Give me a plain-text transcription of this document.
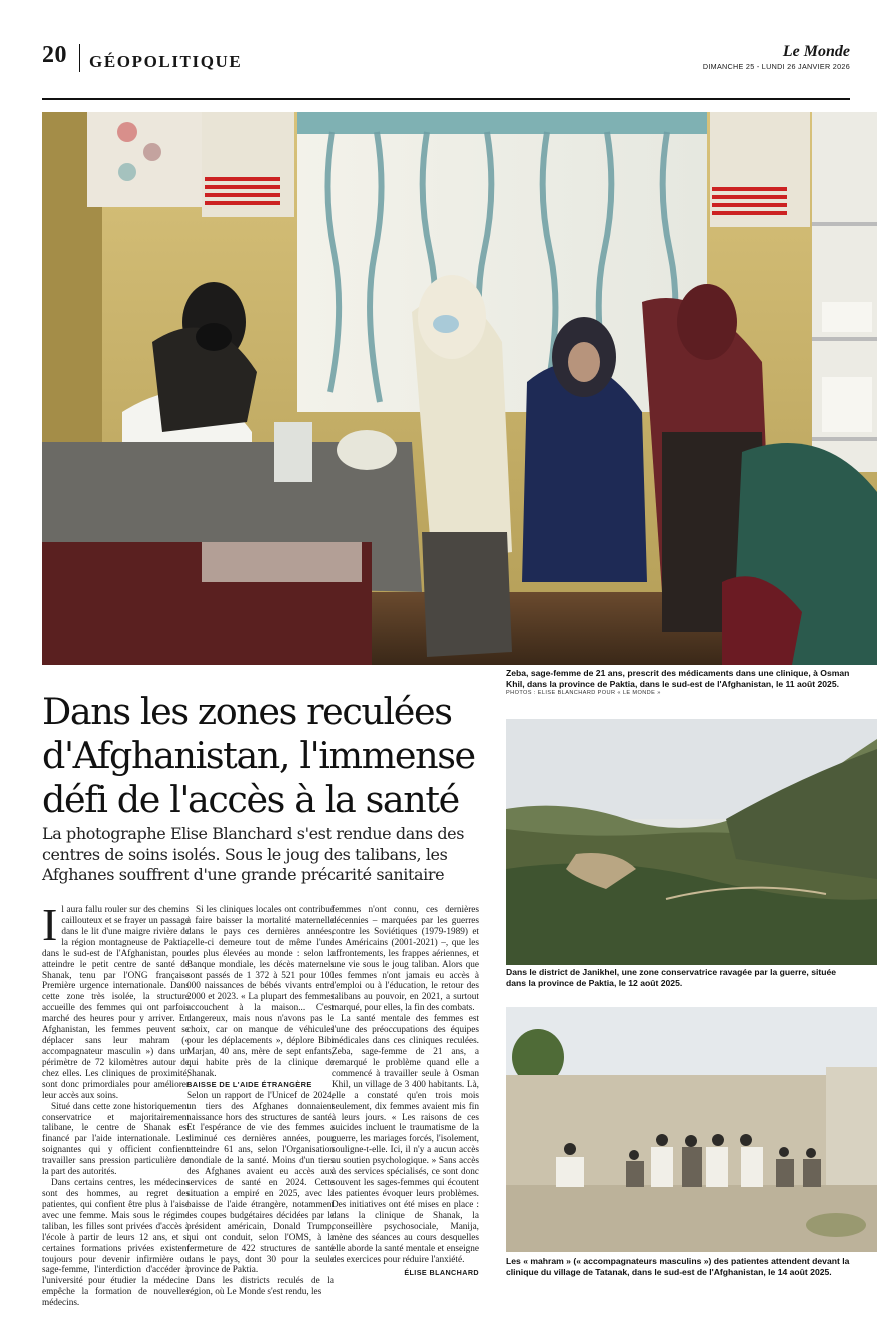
20 GÉOPOLITIQUE
Le Monde
DIMANCHE 25 - LUNDI 26 JANVIER 2026
Zeba, sage-femme de 21 ans, prescrit des médicaments dans une clinique, à Osman Khil, dans la province de Paktia, dans le sud-est de l'Afghanistan, le 11 août 2025.
PHOTOS : ELISE BLANCHARD POUR « LE MONDE »
Dans le district de Janikhel, une zone conservatrice ravagée par la guerre, située dans la province de Paktia, le 12 août 2025.
Les « mahram » (« accompagnateurs masculins ») des patientes attendent devant la clinique du village de Tatanak, dans le sud-est de l'Afghanistan, le 14 août 2025.
Dans les zones reculées d'Afghanistan, l'immense défi de l'accès à la santé

La photographe Elise Blanchard s'est rendue dans des centres de soins isolés. Sous le joug des talibans, les Afghanes souffrent d'une grande précarité sanitaire

Il aura fallu rouler sur des chemins caillouteux et se frayer un passage dans le lit d'une maigre rivière de la région montagneuse de Paktia, dans le sud-est de l'Afghanistan, pour atteindre le petit centre de santé de Shanak, tenu par l'ONG française Première urgence internationale. Dans cette zone très isolée, la structure accueille des femmes qui ont parfois marché des heures pour y arriver. En Afghanistan, les femmes peuvent se déplacer sans leur mahram (« accompagnateur masculin ») dans un périmètre de 72 kilomètres autour de chez elles. Les cliniques de proximité, sont donc primordiales pour améliorer leur accès aux soins.

Situé dans cette zone historiquement conservatrice et majoritairement talibane, le centre de Shanak est financé par l'aide internationale. Les soignantes qui y officient confient travailler sans pression particulière de la part des autorités.

Dans certains centres, les médecins sont des hommes, au regret des patientes, qui confient être plus à l'aise avec une femme. Mais sous le régime taliban, les filles sont privées d'accès à l'école à partir de leurs 12 ans, et si certaines formations privées existent toujours pour devenir infirmière ou sage-femme, l'interdiction d'accéder à l'université pour étudier la médecine empêche la formation de nouvelles médecins.

Si les cliniques locales ont contribué à faire baisser la mortalité maternelle dans le pays ces dernières années, celle-ci demeure tout de même l'une des plus élevées au monde : selon la Banque mondiale, les décès maternels sont passés de 1 372 à 521 pour 100 000 naissances de bébés vivants entre 2000 et 2023. « La plupart des femmes accouchent à la maison... C'est dangereux, mais nous n'avons pas le choix, car on manque de véhicules pour les déplacements », déplore Bibi Marjan, 40 ans, mère de sept enfants, qui habite près de la clinique de Shanak.

BAISSE DE L'AIDE ÉTRANGÈRE

Selon un rapport de l'Unicef de 2024, un tiers des Afghanes donnaient naissance hors des structures de santé. Et l'espérance de vie des femmes a diminué ces dernières années, pour atteindre 61 ans, selon l'Organisation mondiale de la santé. Moins d'un tiers des Afghanes avaient eu accès aux services de santé en 2024. Cette situation a empiré en 2025, avec la baisse de l'aide étrangère, notamment les coupes budgétaires décidées par le président américain, Donald Trump, qui ont conduit, selon l'OMS, à la fermeture de 422 structures de santé dans le pays, dont 30 pour la seule province de Paktia.

Dans les districts reculés de la région, où Le Monde s'est rendu, les

femmes n'ont connu, ces dernières décennies – marquées par les guerres contre les Soviétiques (1979-1989) et les Américains (2001-2021) –, que les affrontements, les frappes aériennes, et une vie sous le joug taliban. Alors que les femmes n'ont jamais eu accès à l'emploi ou à l'éducation, le retour des talibans au pouvoir, en 2021, a surtout marqué, pour elles, la fin des combats.

La santé mentale des femmes est l'une des préoccupations des équipes médicales dans ces cliniques reculées. Zeba, sage-femme de 21 ans, a remarqué le problème quand elle a commencé à travailler seule à Osman Khil, un village de 3 400 habitants. Là, elle a constaté qu'en trois mois seulement, dix femmes avaient mis fin à leurs jours. « Les raisons de ces suicides incluent le traumatisme de la guerre, les mariages forcés, l'isolement, souligne-t-elle. Ici, il n'y a aucun accès au soutien psychologique. » Sans accès à des services spécialisés, ce sont donc souvent les sages-femmes qui écoutent les patientes évoquer leurs problèmes. Des initiatives ont été mises en place : dans la clinique de Shanak, la conseillère psychosociale, Manija, mène des séances au cours desquelles elle aborde la santé mentale et enseigne des exercices pour réduire l'anxiété.

ÉLISE BLANCHARD
